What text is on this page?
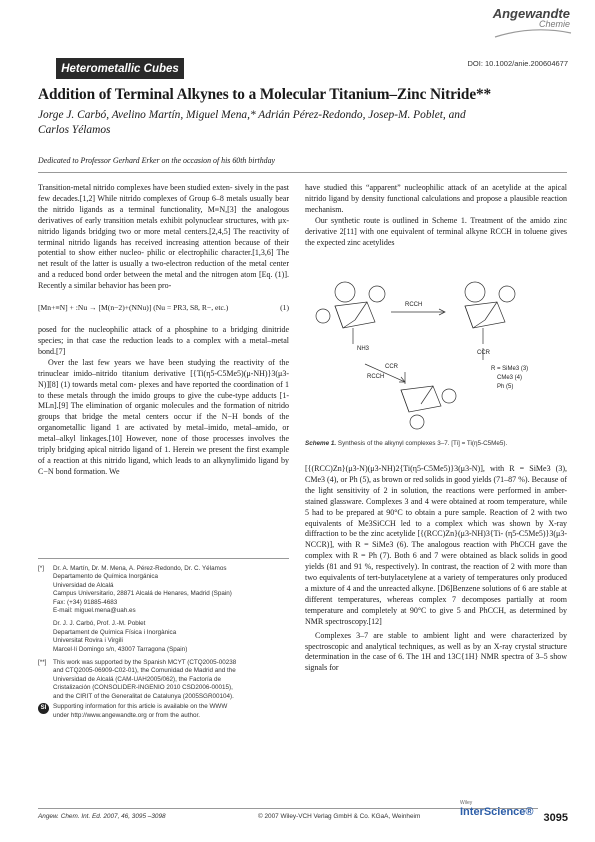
Angewandte
Chemie
Heterometallic Cubes	DOI: 10.1002/anie.200604677
Addition of Terminal Alkynes to a Molecular Titanium–Zinc Nitride**
Jorge J. Carbó, Avelino Martín, Miguel Mena,* Adrián Pérez-Redondo, Josep-M. Poblet, and
Carlos Yélamos
Dedicated to Professor Gerhard Erker on the occasion of his 60th birthday

Transition-metal nitrido complexes have been studied exten- sively in the past few decades.[1,2] While nitrido complexes of Group 6–8 metals usually bear the nitrido ligands as a terminal functionality, M≡N,[3] the analogous derivatives of early transition metals exhibit polynuclear structures, with μx- nitrido ligands bridging two or more metal centers.[2,4,5] The reactivity of terminal nitrido ligands has received increasing attention because of their potential to show either nucleo- philic or electrophilic character.[1,3,6] The net result of the latter is usually a two-electron reduction of the metal center and a reduced bond order between the metal and the nitrogen atom [Eq. (1)]. Recently a similar behavior has been pro-

[Mn+≡N] + :Nu → [M(n−2)+(NNu)] (Nu = PR3, S8, R−, etc.)	(1)

posed for the nucleophilic attack of a phosphine to a bridging dinitride species; in that case the reduction leads to a complex with a metal–metal bond.[7]

Over the last few years we have been studying the reactivity of the trinuclear imido–nitrido titanium derivative [{Ti(η5-C5Me5)(μ-NH)}3(μ3-N)][8] (1) towards metal com- plexes and have reported the coordination of 1 to these metals through the imido groups to give the cube-type adducts [1-MLn].[9] The elimination of organic molecules and the formation of nitrido groups that bridge the metal centers occur if the N−H bonds of the organometallic ligand 1 are activated by metal–imido, metal–amido, or metal–alkyl linkages.[10] However, none of those processes involves the triply bridging apical nitrido ligand of 1. Herein we present the first example of a reaction at this nitrido ligand, which leads to an alkynylimido ligand by C−N bond formation. We

[*]	Dr. A. Martín, Dr. M. Mena, A. Pérez-Redondo, Dr. C. Yélamos
Departamento de Química Inorgánica
Universidad de Alcalá
Campus Universitario, 28871 Alcalá de Henares, Madrid (Spain)
Fax: (+34) 91885-4683
E-mail: miguel.mena@uah.es
Dr. J. J. Carbó, Prof. J.-M. Poblet
Departament de Química Física i Inorgànica
Universitat Rovira i Virgili
Marcel·lí Domingo s/n, 43007 Tarragona (Spain)
[**]	This work was supported by the Spanish MCYT (CTQ2005-00238
and CTQ2005-06909-C02-01), the Comunidad de Madrid and the
Universidad de Alcalá (CAM-UAH2005/062), the Factoría de
Cristalización (CONSOLIDER-INGENIO 2010 CSD2006-00015),
and the CIRIT of the Generalitat de Catalunya (2005SGR00104).
SI	Supporting information for this article is available on the WWW
under http://www.angewandte.org or from the author.

have studied this “apparent” nucleophilic attack of an acetylide at the apical nitrido ligand by density functional calculations and propose a plausible reaction mechanism.

Our synthetic route is outlined in Scheme 1. Treatment of the amido zinc derivative 2[11] with one equivalent of terminal alkyne RCCH in toluene gives the expected zinc acetylides

NH3
RCCH
CCR
R = SiMe3 (3)
CMe3 (4)
Ph (5)
RCCH
CCR
Scheme 1. Synthesis of the alkynyl complexes 3–7. [Ti] = Ti(η5-C5Me5).

[{(RCC)Zn}(μ3-N)(μ3-NH)2{Ti(η5-C5Me5)}3(μ3-N)], with R = SiMe3 (3), CMe3 (4), or Ph (5), as brown or red solids in good yields (71–87 %). Because of the light sensitivity of 2 in solution, the reactions were performed in amber-stained glassware. Complexes 3 and 4 were obtained at room temperature, while 5 had to be prepared at 90°C to obtain a pure sample. Reaction of 2 with two equivalents of Me3SiCCH led to a complex which was shown by X-ray diffraction to be the zinc acetylide [{(RCC)Zn}(μ3-NH)3{Ti- (η5-C5Me5)}3(μ3-NCCR)], with R = SiMe3 (6). The analogous reaction with PhCCH gave the complex with R = Ph (7). Both 6 and 7 were obtained as black solids in good yields (81 and 91 %, respectively). In contrast, the reaction of 2 with more than two equivalents of tert-butylacetylene at a variety of temperatures only produced a mixture of 4 and the unreacted alkyne. [D6]Benzene solutions of 6 are stable at different temperatures, whereas complex 7 decomposes partially at room temperature and completely at 90°C to give 5 and PhCCH, as determined by NMR spectroscopy.[12]

Complexes 3–7 are stable to ambient light and were characterized by spectroscopic and analytical techniques, as well as by an X-ray crystal structure determination in the case of 6. The 1H and 13C{1H} NMR spectra of 3–5 show signals for

Angew. Chem. Int. Ed. 2007, 46, 3095 –3098	© 2007 Wiley-VCH Verlag GmbH & Co. KGaA, Weinheim
Wiley
InterScience® 3095
